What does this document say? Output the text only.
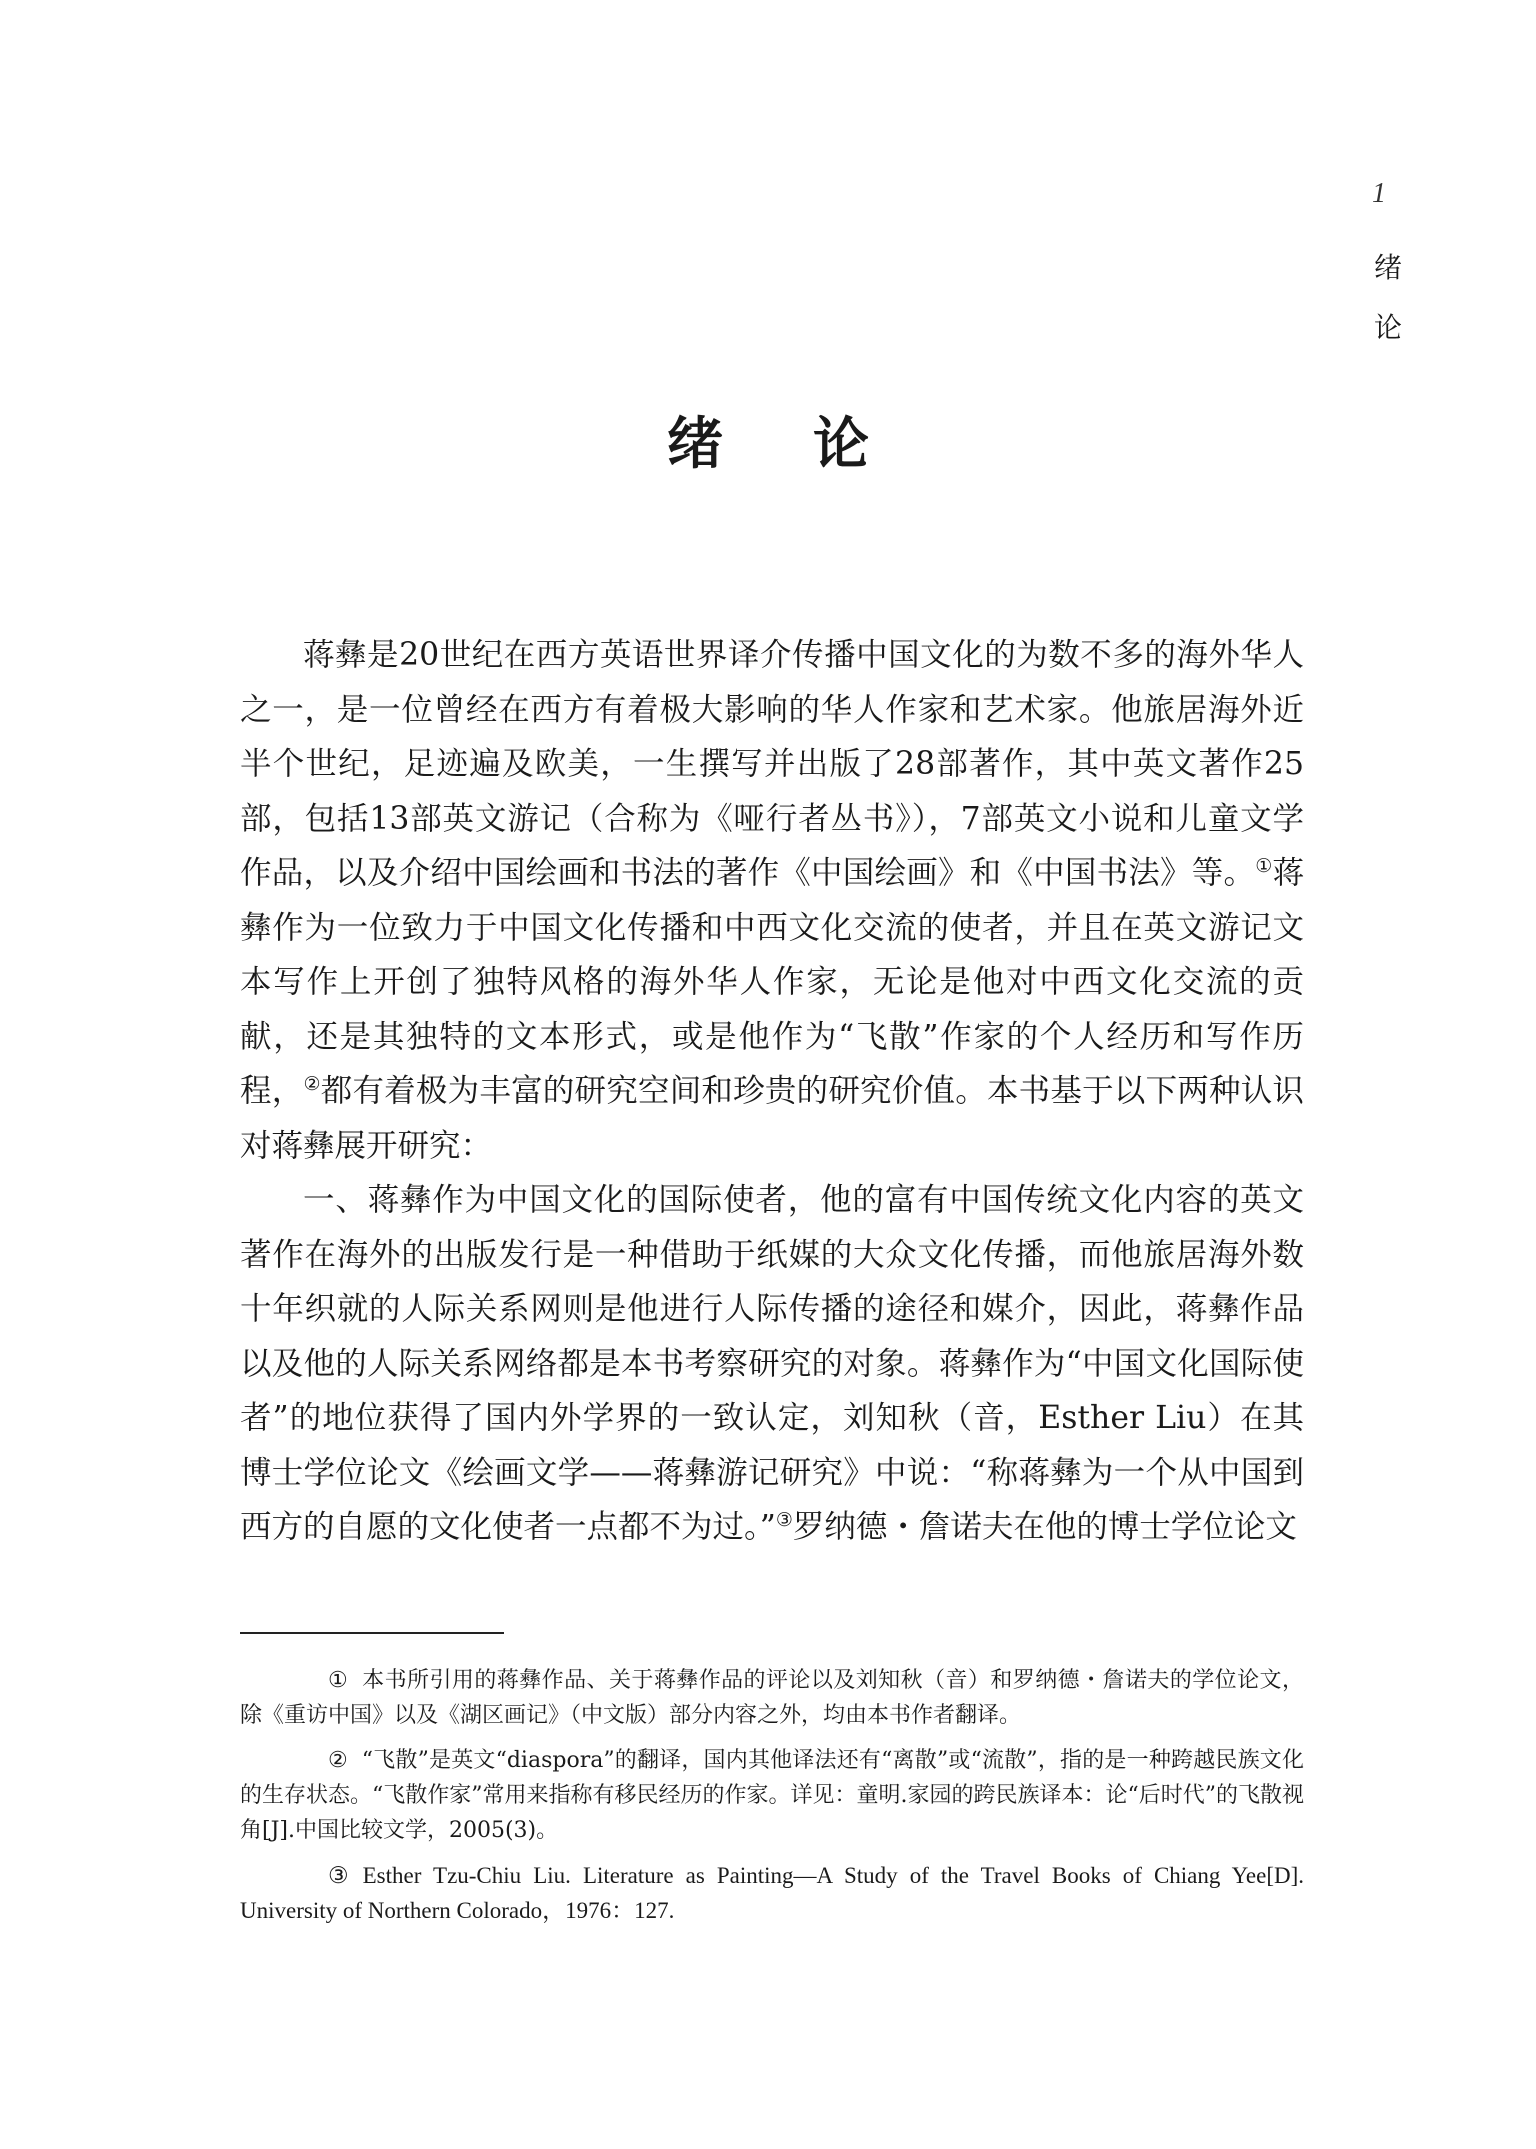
1
绪
论
绪论

蒋彝是20世纪在西方英语世界译介传播中国文化的为数不多的海外华人之一，是一位曾经在西方有着极大影响的华人作家和艺术家。他旅居海外近半个世纪，足迹遍及欧美，一生撰写并出版了28部著作，其中英文著作25部，包括13部英文游记（合称为《哑行者丛书》），7部英文小说和儿童文学作品，以及介绍中国绘画和书法的著作《中国绘画》和《中国书法》等。①蒋彝作为一位致力于中国文化传播和中西文化交流的使者，并且在英文游记文本写作上开创了独特风格的海外华人作家，无论是他对中西文化交流的贡献，还是其独特的文本形式，或是他作为“飞散”作家的个人经历和写作历程，②都有着极为丰富的研究空间和珍贵的研究价值。本书基于以下两种认识对蒋彝展开研究：

一、蒋彝作为中国文化的国际使者，他的富有中国传统文化内容的英文著作在海外的出版发行是一种借助于纸媒的大众文化传播，而他旅居海外数十年织就的人际关系网则是他进行人际传播的途径和媒介，因此，蒋彝作品以及他的人际关系网络都是本书考察研究的对象。蒋彝作为“中国文化国际使者”的地位获得了国内外学界的一致认定，刘知秋（音，Esther Liu）在其博士学位论文《绘画文学——蒋彝游记研究》中说：“称蒋彝为一个从中国到西方的自愿的文化使者一点都不为过。”③罗纳德・詹诺夫在他的博士学位论文

① 本书所引用的蒋彝作品、关于蒋彝作品的评论以及刘知秋（音）和罗纳德・詹诺夫的学位论文，除《重访中国》以及《湖区画记》（中文版）部分内容之外，均由本书作者翻译。

② “飞散”是英文“diaspora”的翻译，国内其他译法还有“离散”或“流散”，指的是一种跨越民族文化的生存状态。“飞散作家”常用来指称有移民经历的作家。详见：童明.家园的跨民族译本：论“后时代”的飞散视角[J].中国比较文学，2005(3)。

③ Esther Tzu-Chiu Liu. Literature as Painting—A Study of the Travel Books of Chiang Yee[D]. University of Northern Colorado，1976：127.
